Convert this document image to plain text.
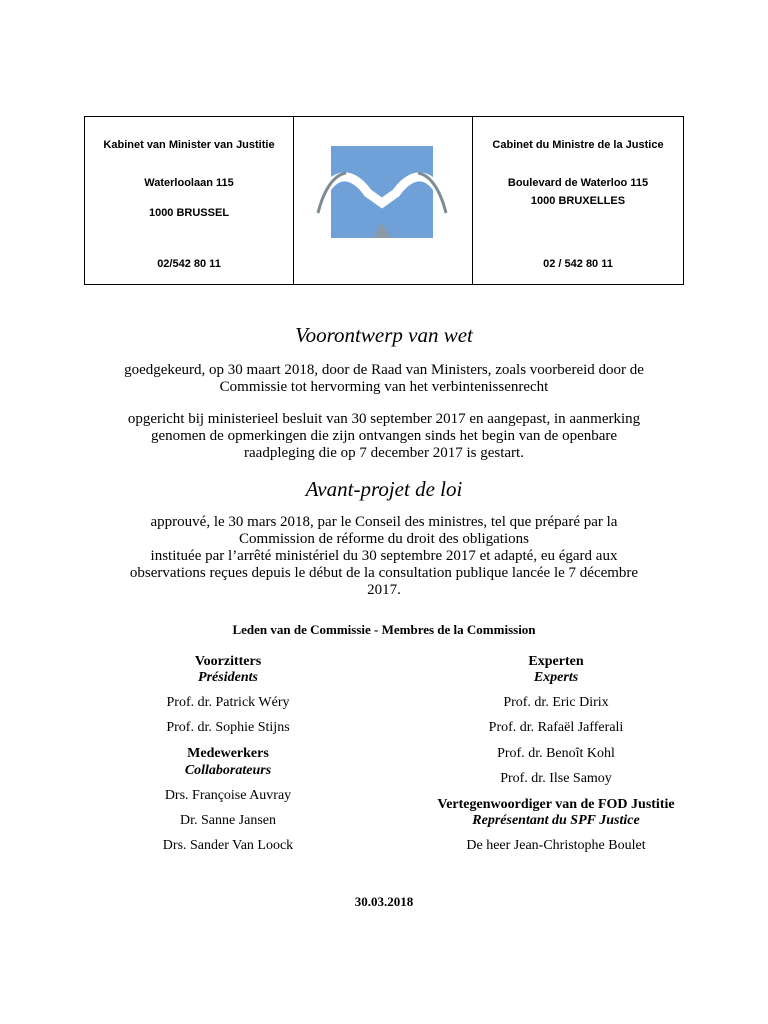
Kabinet van Minister van Justitie
Waterloolaan 115
1000 BRUSSEL
02/542 80 11
Cabinet du Ministre de la Justice
Boulevard de Waterloo 115
1000 BRUXELLES
02 / 542 80 11
Voorontwerp van wet
goedgekeurd, op 30 maart 2018, door de Raad van Ministers, zoals voorbereid door de
Commissie tot hervorming van het verbintenissenrecht
opgericht bij ministerieel besluit van 30 september 2017 en aangepast, in aanmerking
genomen de opmerkingen die zijn ontvangen sinds het begin van de openbare
raadpleging die op 7 december 2017 is gestart.
Avant-projet de loi
approuvé, le 30 mars 2018, par le Conseil des ministres, tel que préparé par la
Commission de réforme du droit des obligations
instituée par l’arrêté ministériel du 30 septembre 2017 et adapté, eu égard aux
observations reçues depuis le début de la consultation publique lancée le 7 décembre
2017.
Leden van de Commissie - Membres de la Commission
Voorzitters
Présidents
Prof. dr. Patrick Wéry
Prof. dr. Sophie Stijns
Medewerkers
Collaborateurs
Drs. Françoise Auvray
Dr. Sanne Jansen
Drs. Sander Van Loock
Experten
Experts
Prof. dr. Eric Dirix
Prof. dr. Rafaël Jafferali
Prof. dr. Benoît Kohl
Prof. dr. Ilse Samoy
Vertegenwoordiger van de FOD Justitie
Représentant du SPF Justice
De heer Jean-Christophe Boulet
30.03.2018
